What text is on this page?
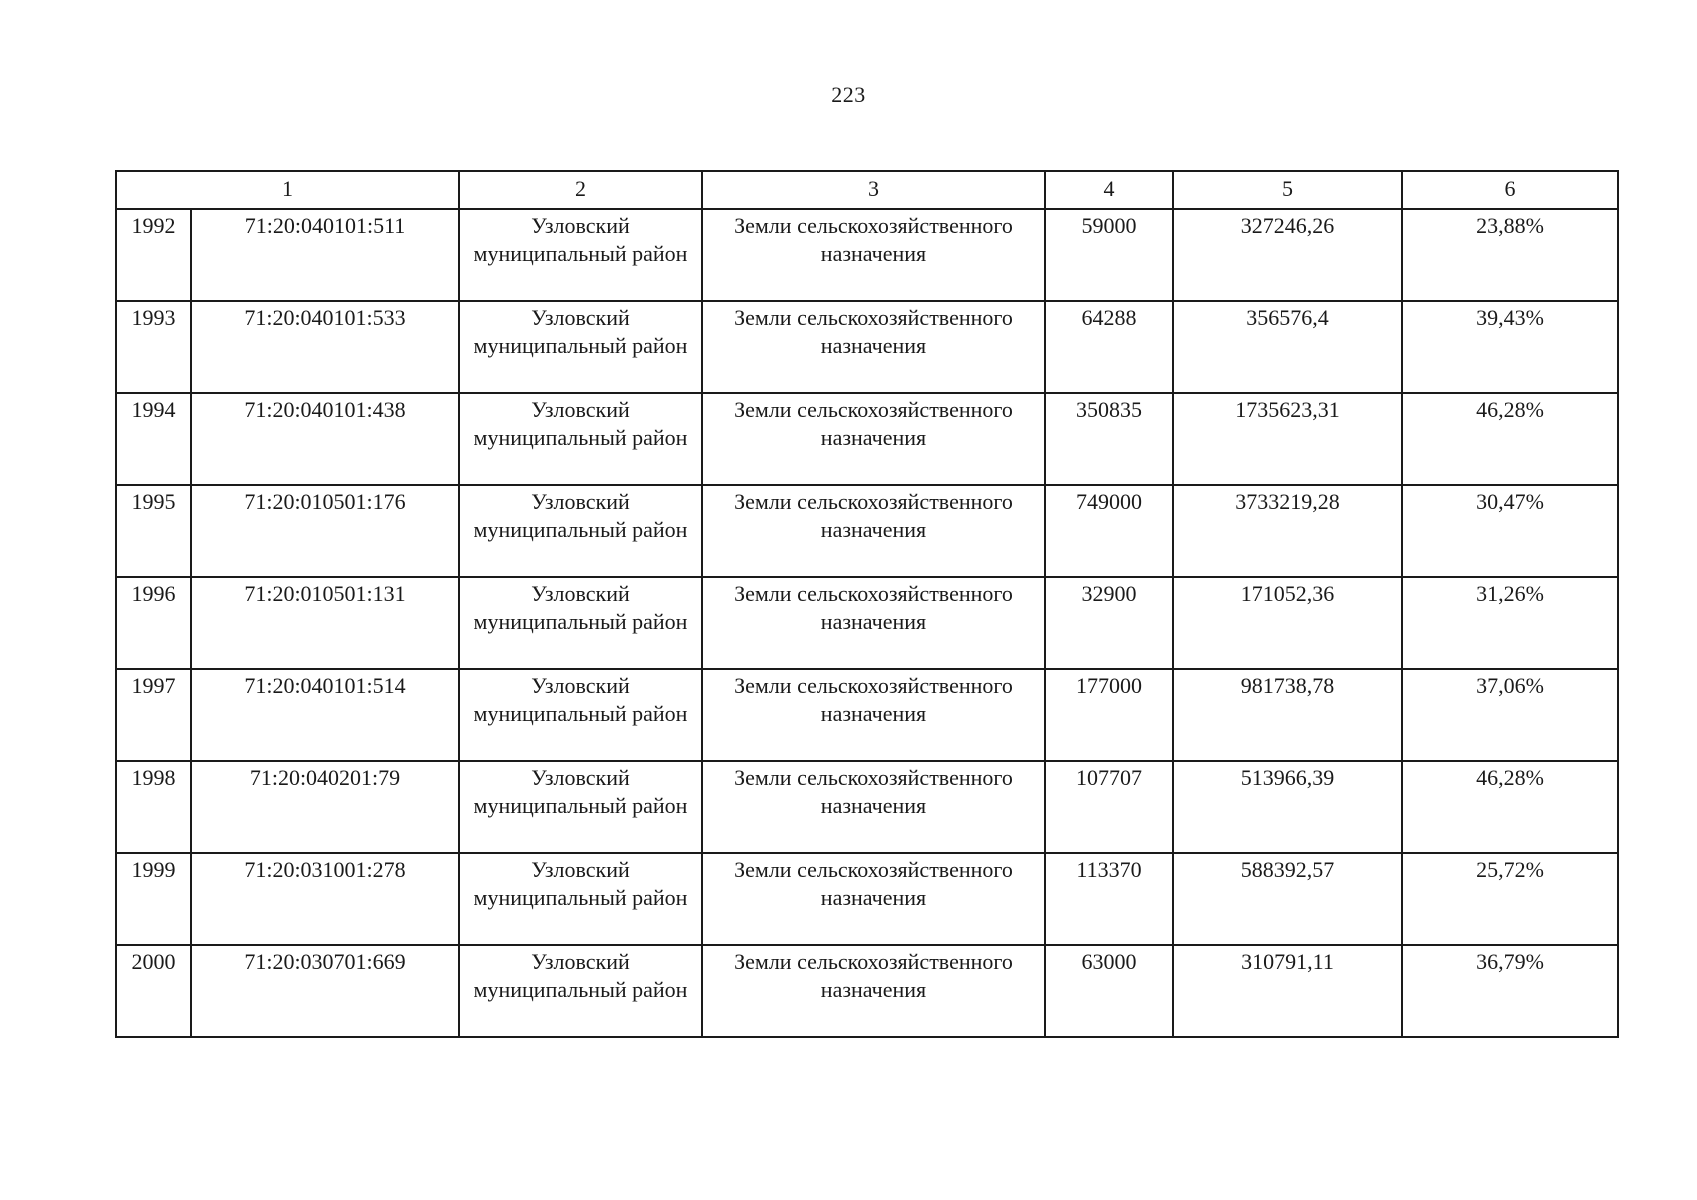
223
1		2	3	4	5	6
1992	71:20:040101:511	Узловский муниципальный район	Земли сельскохозяйственного назначения	59000	327246,26	23,88%
1993	71:20:040101:533	Узловский муниципальный район	Земли сельскохозяйственного назначения	64288	356576,4	39,43%
1994	71:20:040101:438	Узловский муниципальный район	Земли сельскохозяйственного назначения	350835	1735623,31	46,28%
1995	71:20:010501:176	Узловский муниципальный район	Земли сельскохозяйственного назначения	749000	3733219,28	30,47%
1996	71:20:010501:131	Узловский муниципальный район	Земли сельскохозяйственного назначения	32900	171052,36	31,26%
1997	71:20:040101:514	Узловский муниципальный район	Земли сельскохозяйственного назначения	177000	981738,78	37,06%
1998	71:20:040201:79	Узловский муниципальный район	Земли сельскохозяйственного назначения	107707	513966,39	46,28%
1999	71:20:031001:278	Узловский муниципальный район	Земли сельскохозяйственного назначения	113370	588392,57	25,72%
2000	71:20:030701:669	Узловский муниципальный район	Земли сельскохозяйственного назначения	63000	310791,11	36,79%
